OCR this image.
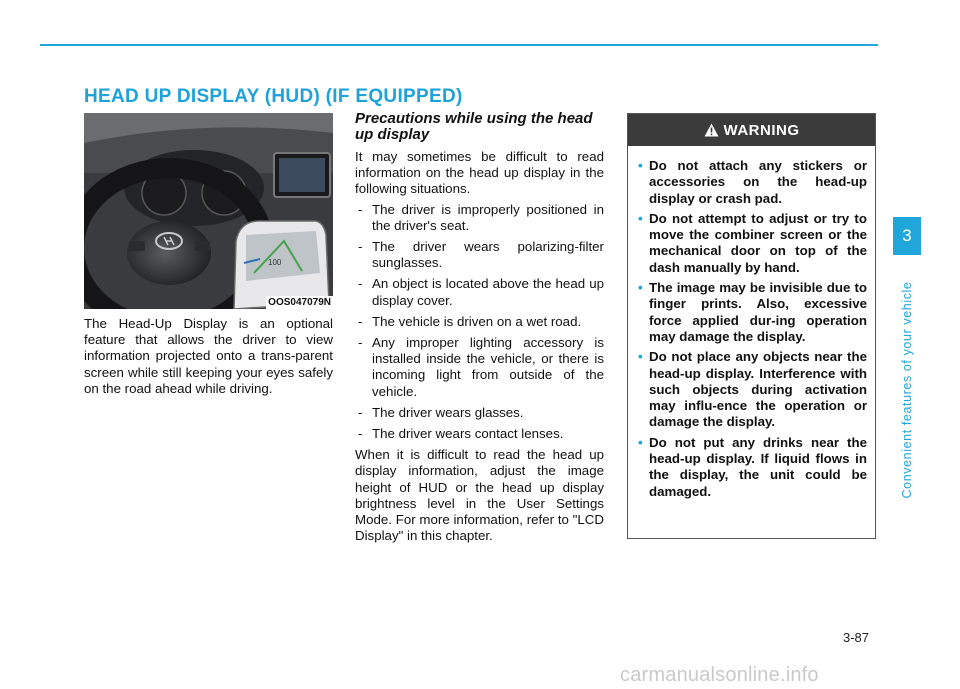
HEAD UP DISPLAY (HUD) (IF EQUIPPED)
100
OOS047079N

The Head-Up Display is an optional feature that allows the driver to view information projected onto a trans-parent screen while still keeping your eyes safely on the road ahead while driving.

Precautions while using the head up display

It may sometimes be difficult to read information on the head up display in the following situations.

- The driver is improperly positioned in the driver's seat.
- The driver wears polarizing-filter sunglasses.
- An object is located above the head up display cover.
- The vehicle is driven on a wet road.
- Any improper lighting accessory is installed inside the vehicle, or there is incoming light from outside of the vehicle.
- The driver wears glasses.
- The driver wears contact lenses.

When it is difficult to read the head up display information, adjust the image height of HUD or the head up display brightness level in the User Settings Mode. For more information, refer to "LCD Display" in this chapter.

WARNING
• Do not attach any stickers or accessories on the head-up display or crash pad.
• Do not attempt to adjust or try to move the combiner screen or the mechanical door on top of the dash manually by hand.
• The image may be invisible due to finger prints. Also, excessive force applied dur-ing operation may damage the display.
• Do not place any objects near the head-up display. Interference with such objects during activation may influ-ence the operation or damage the display.
• Do not put any drinks near the head-up display. If liquid flows in the display, the unit could be damaged.
3
Convenient features of your vehicle
3-87
carmanualsonline.info
